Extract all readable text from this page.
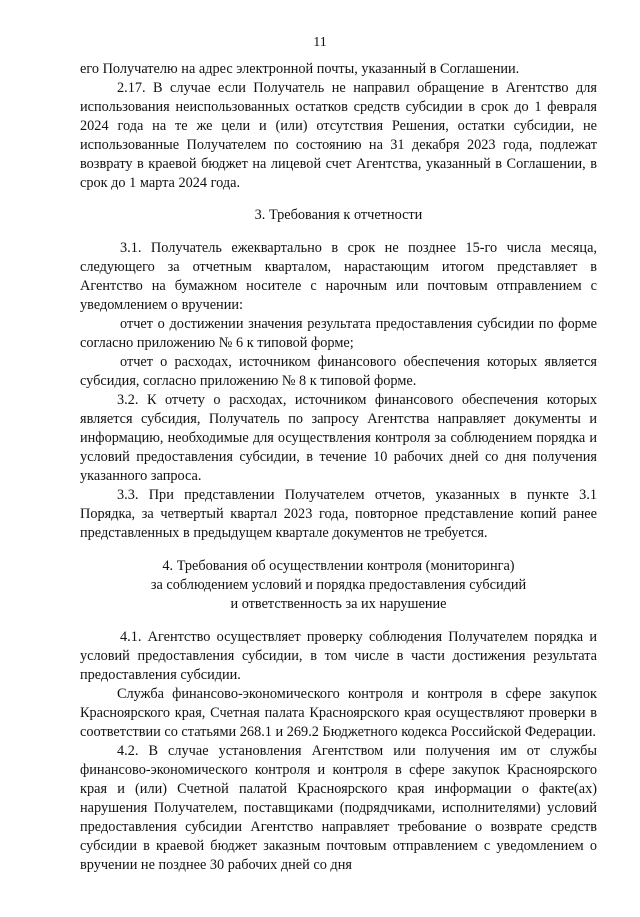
11

его Получателю на адрес электронной почты, указанный в Соглашении.

2.17. В случае если Получатель не направил обращение в Агентство для использования неиспользованных остатков средств субсидии в срок до 1 февраля 2024 года на те же цели и (или) отсутствия Решения, остатки субсидии, не использованные Получателем по состоянию на 31 декабря 2023 года, подлежат возврату в краевой бюджет на лицевой счет Агентства, указанный в Соглашении, в срок до 1 марта 2024 года.

3. Требования к отчетности

3.1. Получатель ежеквартально в срок не позднее 15-го числа месяца, следующего за отчетным кварталом, нарастающим итогом представляет в Агентство на бумажном носителе с нарочным или почтовым отправлением с уведомлением о вручении:

отчет о достижении значения результата предоставления субсидии по форме согласно приложению № 6 к типовой форме;

отчет о расходах, источником финансового обеспечения которых является субсидия, согласно приложению № 8 к типовой форме.

3.2. К отчету о расходах, источником финансового обеспечения которых является субсидия, Получатель по запросу Агентства направляет документы и информацию, необходимые для осуществления контроля за соблюдением порядка и условий предоставления субсидии, в течение 10 рабочих дней со дня получения указанного запроса.

3.3. При представлении Получателем отчетов, указанных в пункте 3.1 Порядка, за четвертый квартал 2023 года, повторное представление копий ранее представленных в предыдущем квартале документов не требуется.

4. Требования об осуществлении контроля (мониторинга)
за соблюдением условий и порядка предоставления субсидий
и ответственность за их нарушение

4.1. Агентство осуществляет проверку соблюдения Получателем порядка и условий предоставления субсидии, в том числе в части достижения результата предоставления субсидии.

Служба финансово-экономического контроля и контроля в сфере закупок Красноярского края, Счетная палата Красноярского края осуществляют проверки в соответствии со статьями 268.1 и 269.2 Бюджетного кодекса Российской Федерации.

4.2. В случае установления Агентством или получения им от службы финансово-экономического контроля и контроля в сфере закупок Красноярского края и (или) Счетной палатой Красноярского края информации о факте(ах) нарушения Получателем, поставщиками (подрядчиками, исполнителями) условий предоставления субсидии Агентство направляет требование о возврате средств субсидии в краевой бюджет заказным почтовым отправлением с уведомлением о вручении не позднее 30 рабочих дней со дня
